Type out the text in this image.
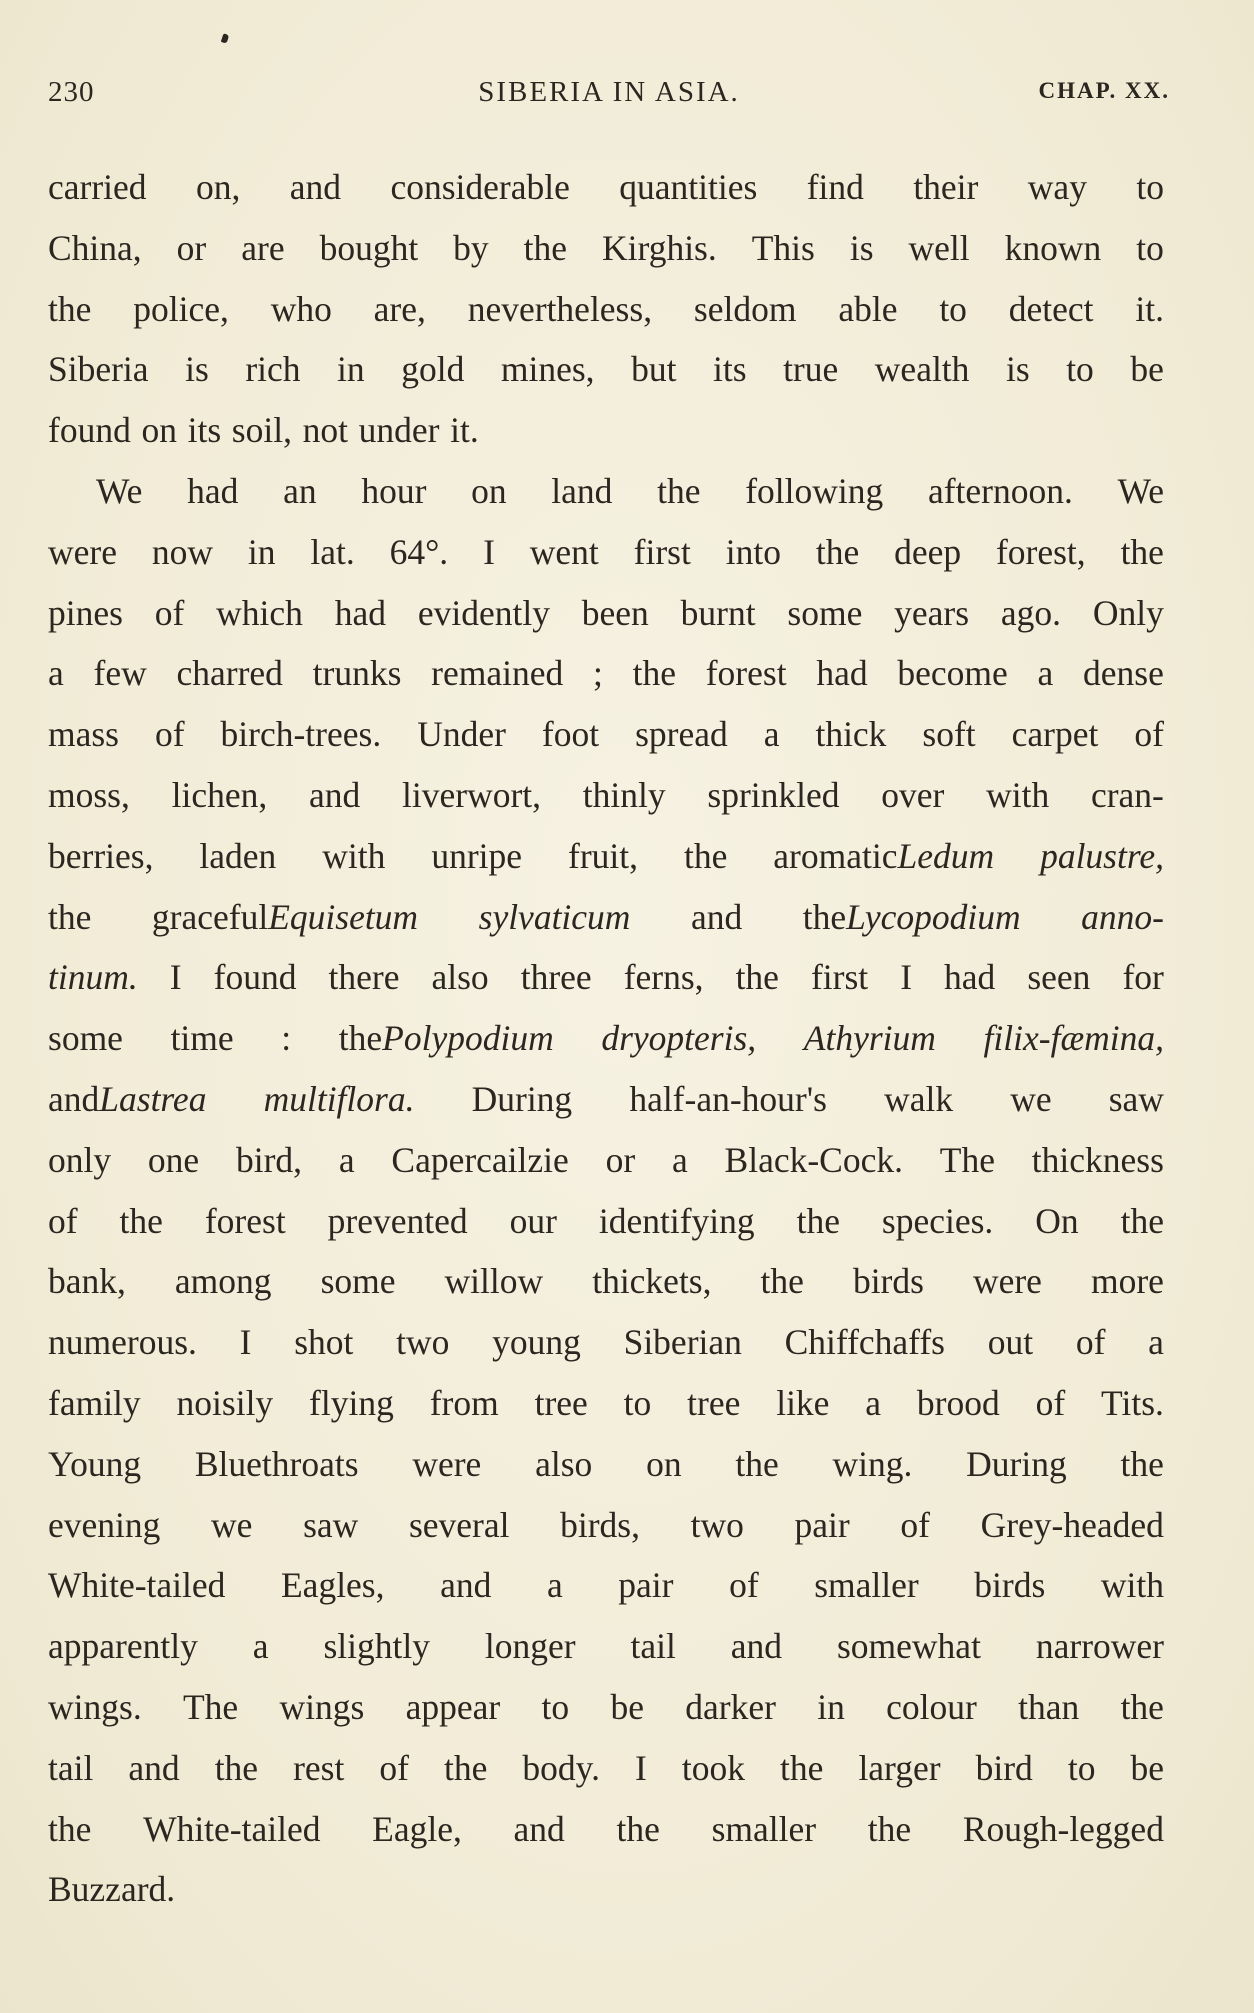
230	SIBERIA IN ASIA.	CHAP. XX.
carried on, and considerable quantities find their way to
China, or are bought by the Kirghis. This is well known to
the police, who are, nevertheless, seldom able to detect it.
Siberia is rich in gold mines, but its true wealth is to be
found on its soil, not under it.
We had an hour on land the following afternoon. We
were now in lat. 64°. I went first into the deep forest, the
pines of which had evidently been burnt some years ago. Only
a few charred trunks remained ; the forest had become a dense
mass of birch-trees. Under foot spread a thick soft carpet of
moss, lichen, and liverwort, thinly sprinkled over with cran-
berries, laden with unripe fruit, the aromaticLedum palustre,
the gracefulEquisetum sylvaticum and theLycopodium anno-
tinum. I found there also three ferns, the first I had seen for
some time : thePolypodium dryopteris, Athyrium filix-fæmina,
andLastrea multiflora. During half-an-hour's walk we saw
only one bird, a Capercailzie or a Black-Cock. The thickness
of the forest prevented our identifying the species. On the
bank, among some willow thickets, the birds were more
numerous. I shot two young Siberian Chiffchaffs out of a
family noisily flying from tree to tree like a brood of Tits.
Young Bluethroats were also on the wing. During the
evening we saw several birds, two pair of Grey-headed
White-tailed Eagles, and a pair of smaller birds with
apparently a slightly longer tail and somewhat narrower
wings. The wings appear to be darker in colour than the
tail and the rest of the body. I took the larger bird to be
the White-tailed Eagle, and the smaller the Rough-legged
Buzzard.
